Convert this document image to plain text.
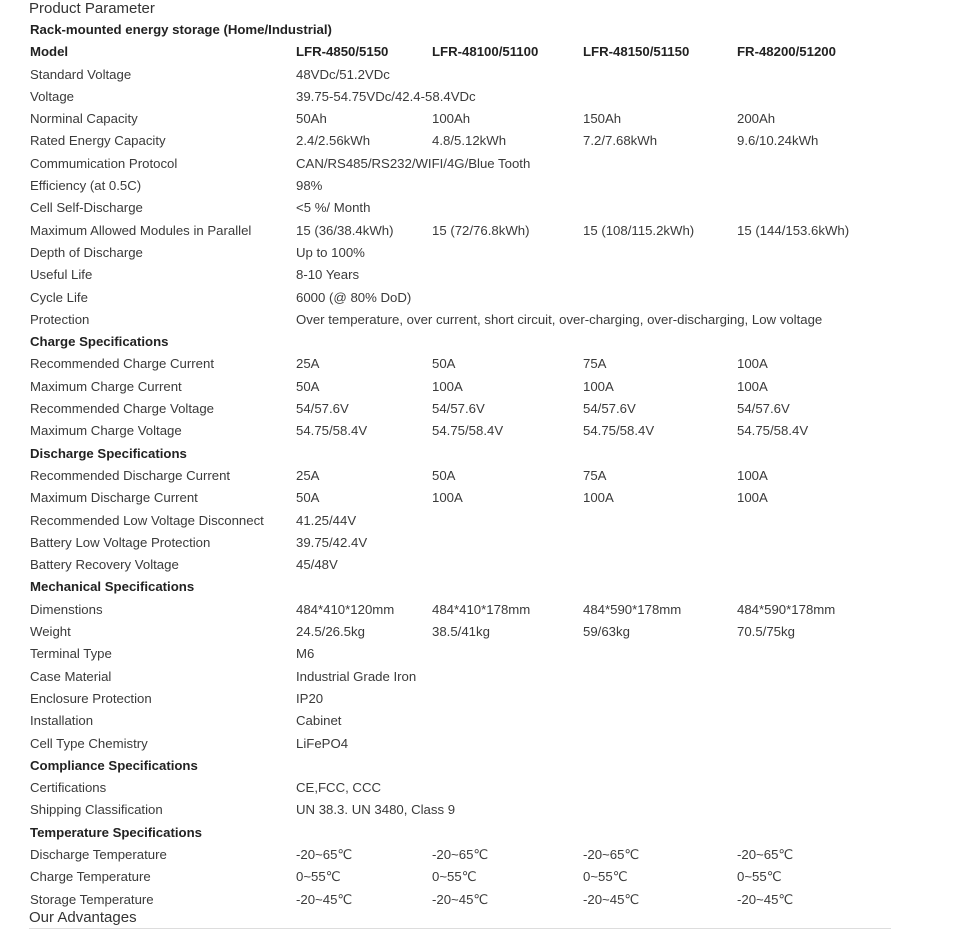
Product Parameter
Rack-mounted energy storage (Home/Industrial)
Model	LFR-4850/5150	LFR-48100/51100	LFR-48150/51150	FR-48200/51200
Standard Voltage	48VDc/51.2VDc
Voltage	39.75-54.75VDc/42.4-58.4VDc
Norminal Capacity	50Ah	100Ah	150Ah	200Ah
Rated Energy Capacity	2.4/2.56kWh	4.8/5.12kWh	7.2/7.68kWh	9.6/10.24kWh
Commumication Protocol	CAN/RS485/RS232/WIFI/4G/Blue Tooth
Efficiency (at 0.5C)	98%
Cell Self-Discharge	<5 %/ Month
Maximum Allowed Modules in Parallel	15 (36/38.4kWh)	15 (72/76.8kWh)	15 (108/115.2kWh)	15 (144/153.6kWh)
Depth of Discharge	Up to 100%
Useful Life	8-10 Years
Cycle Life	6000 (@ 80% DoD)
Protection	Over temperature, over current, short circuit, over-charging, over-discharging, Low voltage
Charge Specifications
Recommended Charge Current	25A	50A	75A	100A
Maximum Charge Current	50A	100A	100A	100A
Recommended Charge Voltage	54/57.6V	54/57.6V	54/57.6V	54/57.6V
Maximum Charge Voltage	54.75/58.4V	54.75/58.4V	54.75/58.4V	54.75/58.4V
Discharge Specifications
Recommended Discharge Current	25A	50A	75A	100A
Maximum Discharge Current	50A	100A	100A	100A
Recommended Low Voltage Disconnect 41.25/44V
Battery Low Voltage Protection	39.75/42.4V
Battery Recovery Voltage	45/48V
Mechanical Specifications
Dimenstions	484*410*120mm	484*410*178mm	484*590*178mm	484*590*178mm
Weight	24.5/26.5kg	38.5/41kg	59/63kg	70.5/75kg
Terminal Type	M6
Case Material	Industrial Grade Iron
Enclosure Protection	IP20
Installation	Cabinet
Cell Type Chemistry	LiFePO4
Compliance Specifications
Certifications	CE,FCC, CCC
Shipping Classification	UN 38.3. UN 3480, Class 9
Temperature Specifications
Discharge Temperature	-20~65℃	-20~65℃	-20~65℃	-20~65℃
Charge Temperature	0~55℃	0~55℃	0~55℃	0~55℃
Storage Temperature	-20~45℃	-20~45℃	-20~45℃	-20~45℃
Our Advantages
